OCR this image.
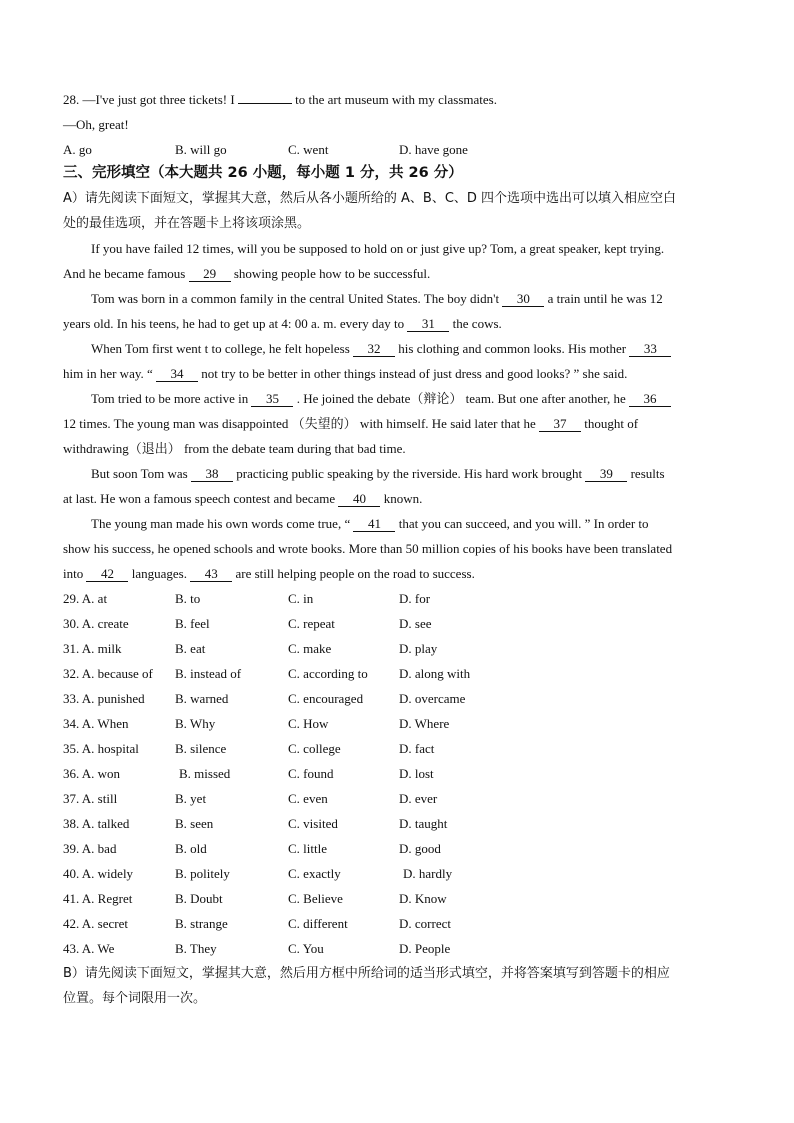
28. —I've just got three tickets! I	to the art museum with my classmates.
—Oh, great!
A. go	B. will go	C. went	D. have gone
三、完形填空（本大题共 26 小题，每小题 1 分，共 26 分）
A）请先阅读下面短文，掌握其大意，然后从各小题所给的 A、B、C、D 四个选项中选出可以填入相应空白
处的最佳选项，并在答题卡上将该项涂黑。
If you have failed 12 times, will you be supposed to hold on or just give up? Tom, a great speaker, kept trying.
And he became famous 29 showing people how to be successful.
Tom was born in a common family in the central United States. The boy didn't 30 a train until he was 12
years old. In his teens, he had to get up at 4: 00 a. m. every day to 31 the cows.
When Tom first went t to college, he felt hopeless 32 his clothing and common looks. His mother 33
him in her way. “ 34 not try to be better in other things instead of just dress and good looks? ” she said.
Tom tried to be more active in 35 . He joined the debate（辩论） team. But one after another, he 36
12 times. The young man was disappointed （失望的） with himself. He said later that he 37 thought of
withdrawing（退出） from the debate team during that bad time.
But soon Tom was 38 practicing public speaking by the riverside. His hard work brought 39 results
at last. He won a famous speech contest and became 40 known.
The young man made his own words come true, “ 41 that you can succeed, and you will. ” In order to
show his success, he opened schools and wrote books. More than 50 million copies of his books have been translated
into 42 languages. 43 are still helping people on the road to success.
29. A. at	B. to	C. in	D. for
30. A. create	B. feel	C. repeat	D. see
31. A. milk	B. eat	C. make	D. play
32. A. because of B. instead of	C. according to D. along with
33. A. punished B. warned	C. encouraged	D. overcame
34. A. When	B. Why	C. How	D. Where
35. A. hospital	B. silence	C. college	D. fact
36. A. won	B. missed	C. found	D. lost
37. A. still	B. yet	C. even	D. ever
38. A. talked	B. seen	C. visited	D. taught
39. A. bad	B. old	C. little	D. good
40. A. widely	B. politely	C. exactly	D. hardly
41. A. Regret	B. Doubt	C. Believe	D. Know
42. A. secret	B. strange	C. different	D. correct
43. A. We	B. They	C. You	D. People
B）请先阅读下面短文，掌握其大意，然后用方框中所给词的适当形式填空，并将答案填写到答题卡的相应
位置。每个词限用一次。
